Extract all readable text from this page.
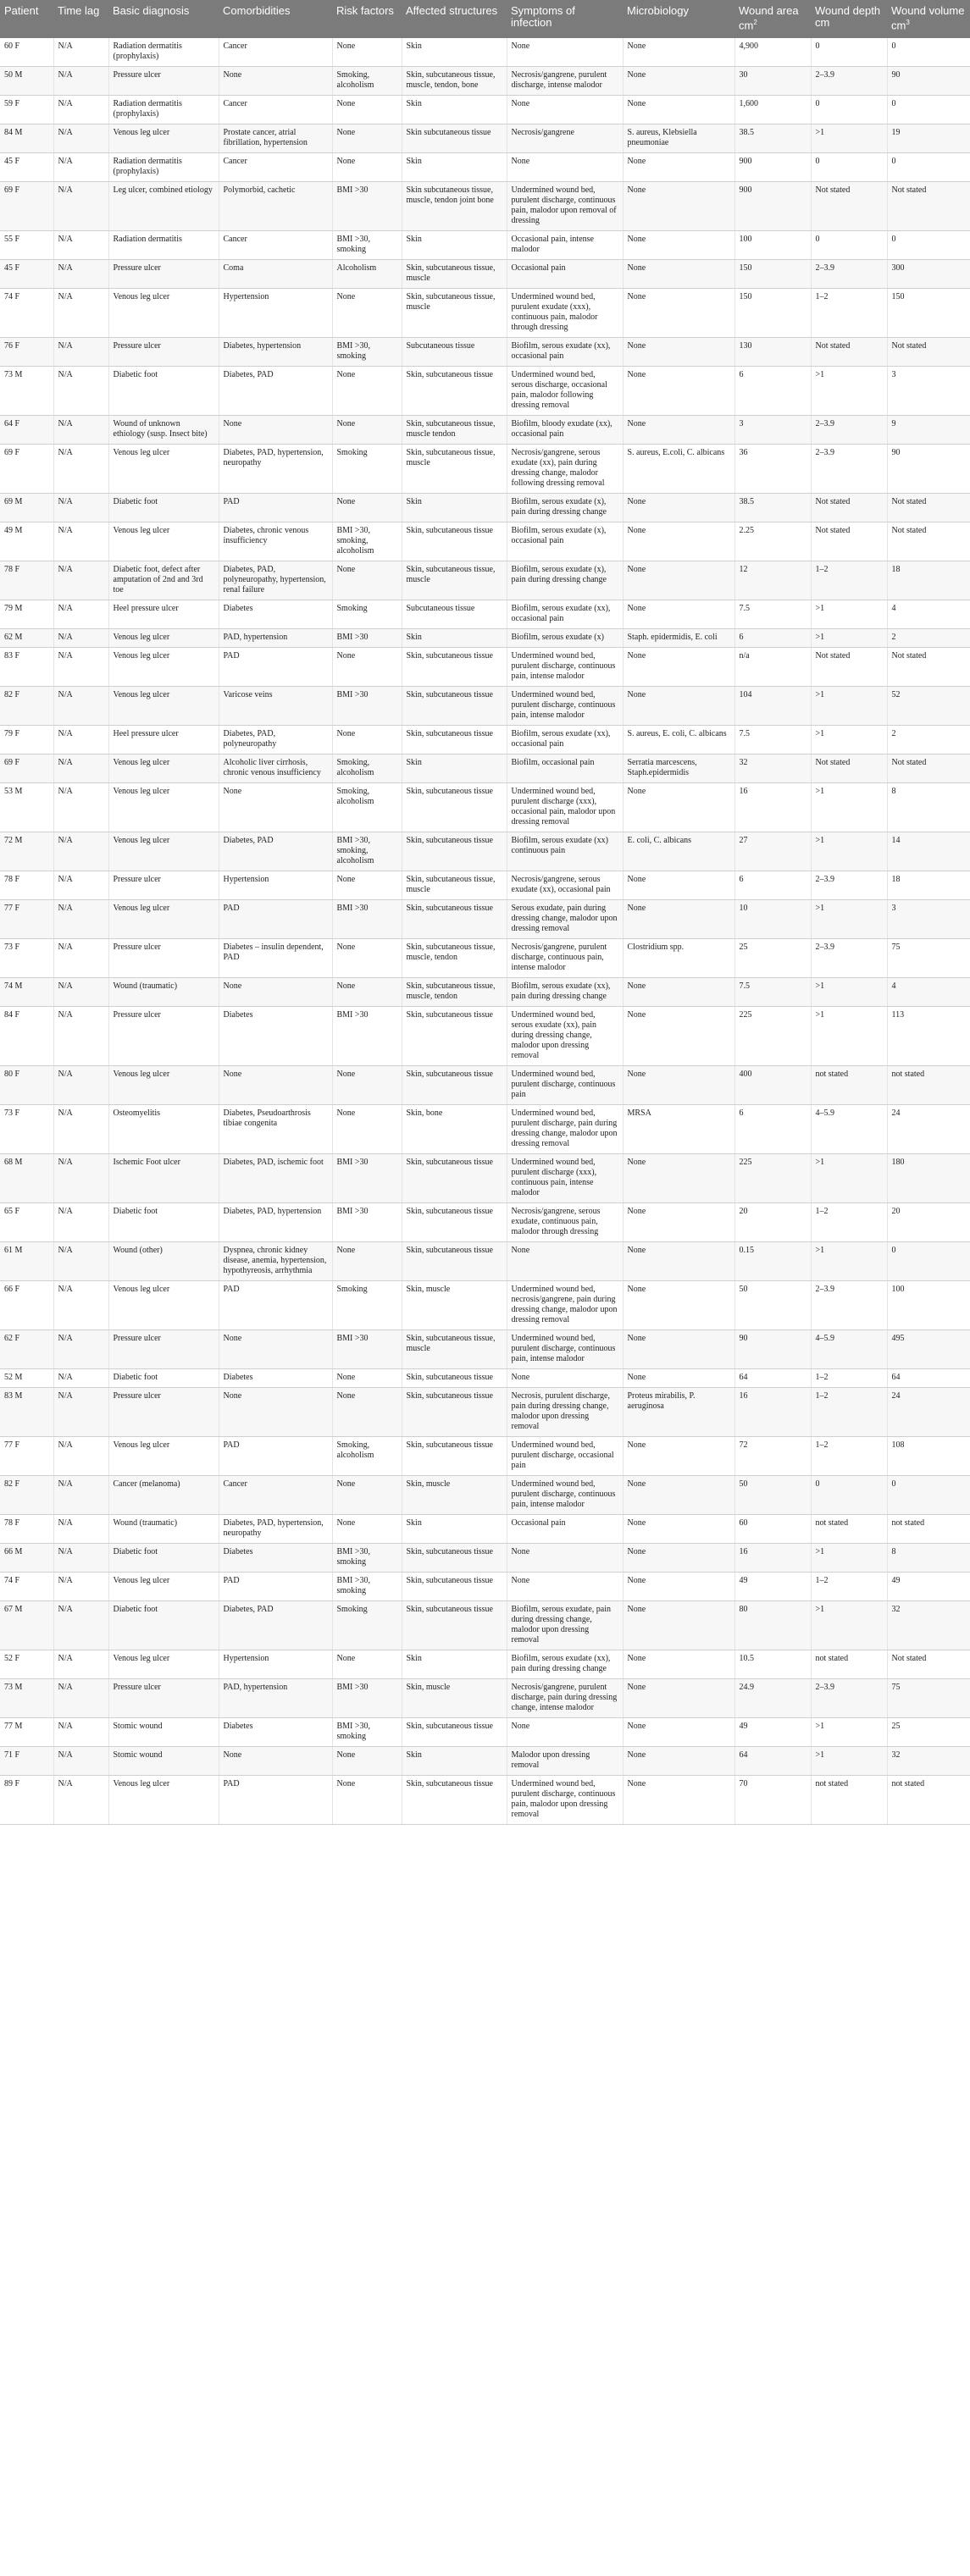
Patient	Time lag	Basic diagnosis	Comorbidities	Risk factors	Affected structures	Symptoms of infection	Microbiology	Wound area $cm^2$	Wound depth cm	Wound volume $cm^3$
60 F	N/A	Radiation dermatitis (prophylaxis)	Cancer	None	Skin	None	None	4,900	0	0
50 M	N/A	Pressure ulcer	None	Smoking, alcoholism	Skin, subcutaneous tissue, muscle, tendon, bone	Necrosis/gangrene, purulent discharge, intense malodor	None	30	2–3.9	90
59 F	N/A	Radiation dermatitis (prophylaxis)	Cancer	None	Skin	None	None	1,600	0	0
84 M	N/A	Venous leg ulcer	Prostate cancer, atrial fibrillation, hypertension	None	Skin subcutaneous tissue	Necrosis/gangrene	S. aureus, Klebsiella pneumoniae	38.5	>1	19
45 F	N/A	Radiation dermatitis (prophylaxis)	Cancer	None	Skin	None	None	900	0	0
69 F	N/A	Leg ulcer, combined etiology	Polymorbid, cachetic	BMI >30	Skin subcutaneous tissue, muscle, tendon joint bone	Undermined wound bed, purulent discharge, continuous pain, malodor upon removal of dressing	None	900	Not stated	Not stated
55 F	N/A	Radiation dermatitis	Cancer	BMI >30, smoking	Skin	Occasional pain, intense malodor	None	100	0	0
45 F	N/A	Pressure ulcer	Coma	Alcoholism	Skin, subcutaneous tissue, muscle	Occasional pain	None	150	2–3.9	300
74 F	N/A	Venous leg ulcer	Hypertension	None	Skin, subcutaneous tissue, muscle	Undermined wound bed, purulent exudate (xxx), continuous pain, malodor through dressing	None	150	1–2	150
76 F	N/A	Pressure ulcer	Diabetes, hypertension	BMI >30, smoking	Subcutaneous tissue	Biofilm, serous exudate (xx), occasional pain	None	130	Not stated	Not stated
73 M	N/A	Diabetic foot	Diabetes, PAD	None	Skin, subcutaneous tissue	Undermined wound bed, serous discharge, occasional pain, malodor following dressing removal	None	6	>1	3
64 F	N/A	Wound of unknown ethiology (susp. Insect bite)	None	None	Skin, subcutaneous tissue, muscle tendon	Biofilm, bloody exudate (xx), occasional pain	None	3	2–3.9	9
69 F	N/A	Venous leg ulcer	Diabetes, PAD, hypertension, neuropathy	Smoking	Skin, subcutaneous tissue, muscle	Necrosis/gangrene, serous exudate (xx), pain during dressing change, malodor following dressing removal	S. aureus, E.coli, C. albicans	36	2–3.9	90
69 M	N/A	Diabetic foot	PAD	None	Skin	Biofilm, serous exudate (x), pain during dressing change	None	38.5	Not stated	Not stated
49 M	N/A	Venous leg ulcer	Diabetes, chronic venous insufficiency	BMI >30, smoking, alcoholism	Skin, subcutaneous tissue	Biofilm, serous exudate (x), occasional pain	None	2.25	Not stated	Not stated
78 F	N/A	Diabetic foot, defect after amputation of 2nd and 3rd toe	Diabetes, PAD, polyneuropathy, hypertension, renal failure	None	Skin, subcutaneous tissue, muscle	Biofilm, serous exudate (x), pain during dressing change	None	12	1–2	18
79 M	N/A	Heel pressure ulcer	Diabetes	Smoking	Subcutaneous tissue	Biofilm, serous exudate (xx), occasional pain	None	7.5	>1	4
62 M	N/A	Venous leg ulcer	PAD, hypertension	BMI >30	Skin	Biofilm, serous exudate (x)	Staph. epidermidis, E. coli	6	>1	2
83 F	N/A	Venous leg ulcer	PAD	None	Skin, subcutaneous tissue	Undermined wound bed, purulent discharge, continuous pain, intense malodor	None	n/a	Not stated	Not stated
82 F	N/A	Venous leg ulcer	Varicose veins	BMI >30	Skin, subcutaneous tissue	Undermined wound bed, purulent discharge, continuous pain, intense malodor	None	104	>1	52
79 F	N/A	Heel pressure ulcer	Diabetes, PAD, polyneuropathy	None	Skin, subcutaneous tissue	Biofilm, serous exudate (xx), occasional pain	S. aureus, E. coli, C. albicans	7.5	>1	2
69 F	N/A	Venous leg ulcer	Alcoholic liver cirrhosis, chronic venous insufficiency	Smoking, alcoholism	Skin	Biofilm, occasional pain	Serratia marcescens, Staph.epidermidis	32	Not stated	Not stated
53 M	N/A	Venous leg ulcer	None	Smoking, alcoholism	Skin, subcutaneous tissue	Undermined wound bed, purulent discharge (xxx), occasional pain, malodor upon dressing removal	None	16	>1	8
72 M	N/A	Venous leg ulcer	Diabetes, PAD	BMI >30, smoking, alcoholism	Skin, subcutaneous tissue	Biofilm, serous exudate (xx) continuous pain	E. coli, C. albicans	27	>1	14
78 F	N/A	Pressure ulcer	Hypertension	None	Skin, subcutaneous tissue, muscle	Necrosis/gangrene, serous exudate (xx), occasional pain	None	6	2–3.9	18
77 F	N/A	Venous leg ulcer	PAD	BMI >30	Skin, subcutaneous tissue	Serous exudate, pain during dressing change, malodor upon dressing removal	None	10	>1	3
73 F	N/A	Pressure ulcer	Diabetes – insulin dependent, PAD	None	Skin, subcutaneous tissue, muscle, tendon	Necrosis/gangrene, purulent discharge, continuous pain, intense malodor	Clostridium spp.	25	2–3.9	75
74 M	N/A	Wound (traumatic)	None	None	Skin, subcutaneous tissue, muscle, tendon	Biofilm, serous exudate (xx), pain during dressing change	None	7.5	>1	4
84 F	N/A	Pressure ulcer	Diabetes	BMI >30	Skin, subcutaneous tissue	Undermined wound bed, serous exudate (xx), pain during dressing change, malodor upon dressing removal	None	225	>1	113
80 F	N/A	Venous leg ulcer	None	None	Skin, subcutaneous tissue	Undermined wound bed, purulent discharge, continuous pain	None	400	not stated	not stated
73 F	N/A	Osteomyelitis	Diabetes, Pseudoarthrosis tibiae congenita	None	Skin, bone	Undermined wound bed, purulent discharge, pain during dressing change, malodor upon dressing removal	MRSA	6	4–5.9	24
68 M	N/A	Ischemic Foot ulcer	Diabetes, PAD, ischemic foot	BMI >30	Skin, subcutaneous tissue	Undermined wound bed, purulent discharge (xxx), continuous pain, intense malodor	None	225	>1	180
65 F	N/A	Diabetic foot	Diabetes, PAD, hypertension	BMI >30	Skin, subcutaneous tissue	Necrosis/gangrene, serous exudate, continuous pain, malodor through dressing	None	20	1–2	20
61 M	N/A	Wound (other)	Dyspnea, chronic kidney disease, anemia, hypertension, hypothyreosis, arrhythmia	None	Skin, subcutaneous tissue	None	None	0.15	>1	0
66 F	N/A	Venous leg ulcer	PAD	Smoking	Skin, muscle	Undermined wound bed, necrosis/gangrene, pain during dressing change, malodor upon dressing removal	None	50	2–3.9	100
62 F	N/A	Pressure ulcer	None	BMI >30	Skin, subcutaneous tissue, muscle	Undermined wound bed, purulent discharge, continuous pain, intense malodor	None	90	4–5.9	495
52 M	N/A	Diabetic foot	Diabetes	None	Skin, subcutaneous tissue	None	None	64	1–2	64
83 M	N/A	Pressure ulcer	None	None	Skin, subcutaneous tissue	Necrosis, purulent discharge, pain during dressing change, malodor upon dressing removal	Proteus mirabilis, P. aeruginosa	16	1–2	24
77 F	N/A	Venous leg ulcer	PAD	Smoking, alcoholism	Skin, subcutaneous tissue	Undermined wound bed, purulent discharge, occasional pain	None	72	1–2	108
82 F	N/A	Cancer (melanoma)	Cancer	None	Skin, muscle	Undermined wound bed, purulent discharge, continuous pain, intense malodor	None	50	0	0
78 F	N/A	Wound (traumatic)	Diabetes, PAD, hypertension, neuropathy	None	Skin	Occasional pain	None	60	not stated	not stated
66 M	N/A	Diabetic foot	Diabetes	BMI >30, smoking	Skin, subcutaneous tissue	None	None	16	>1	8
74 F	N/A	Venous leg ulcer	PAD	BMI >30, smoking	Skin, subcutaneous tissue	None	None	49	1–2	49
67 M	N/A	Diabetic foot	Diabetes, PAD	Smoking	Skin, subcutaneous tissue	Biofilm, serous exudate, pain during dressing change, malodor upon dressing removal	None	80	>1	32
52 F	N/A	Venous leg ulcer	Hypertension	None	Skin	Biofilm, serous exudate (xx), pain during dressing change	None	10.5	not stated	Not stated
73 M	N/A	Pressure ulcer	PAD, hypertension	BMI >30	Skin, muscle	Necrosis/gangrene, purulent discharge, pain during dressing change, intense malodor	None	24.9	2–3.9	75
77 M	N/A	Stomic wound	Diabetes	BMI >30, smoking	Skin, subcutaneous tissue	None	None	49	>1	25
71 F	N/A	Stomic wound	None	None	Skin	Malodor upon dressing removal	None	64	>1	32
89 F	N/A	Venous leg ulcer	PAD	None	Skin, subcutaneous tissue	Undermined wound bed, purulent discharge, continuous pain, malodor upon dressing removal	None	70	not stated	not stated
